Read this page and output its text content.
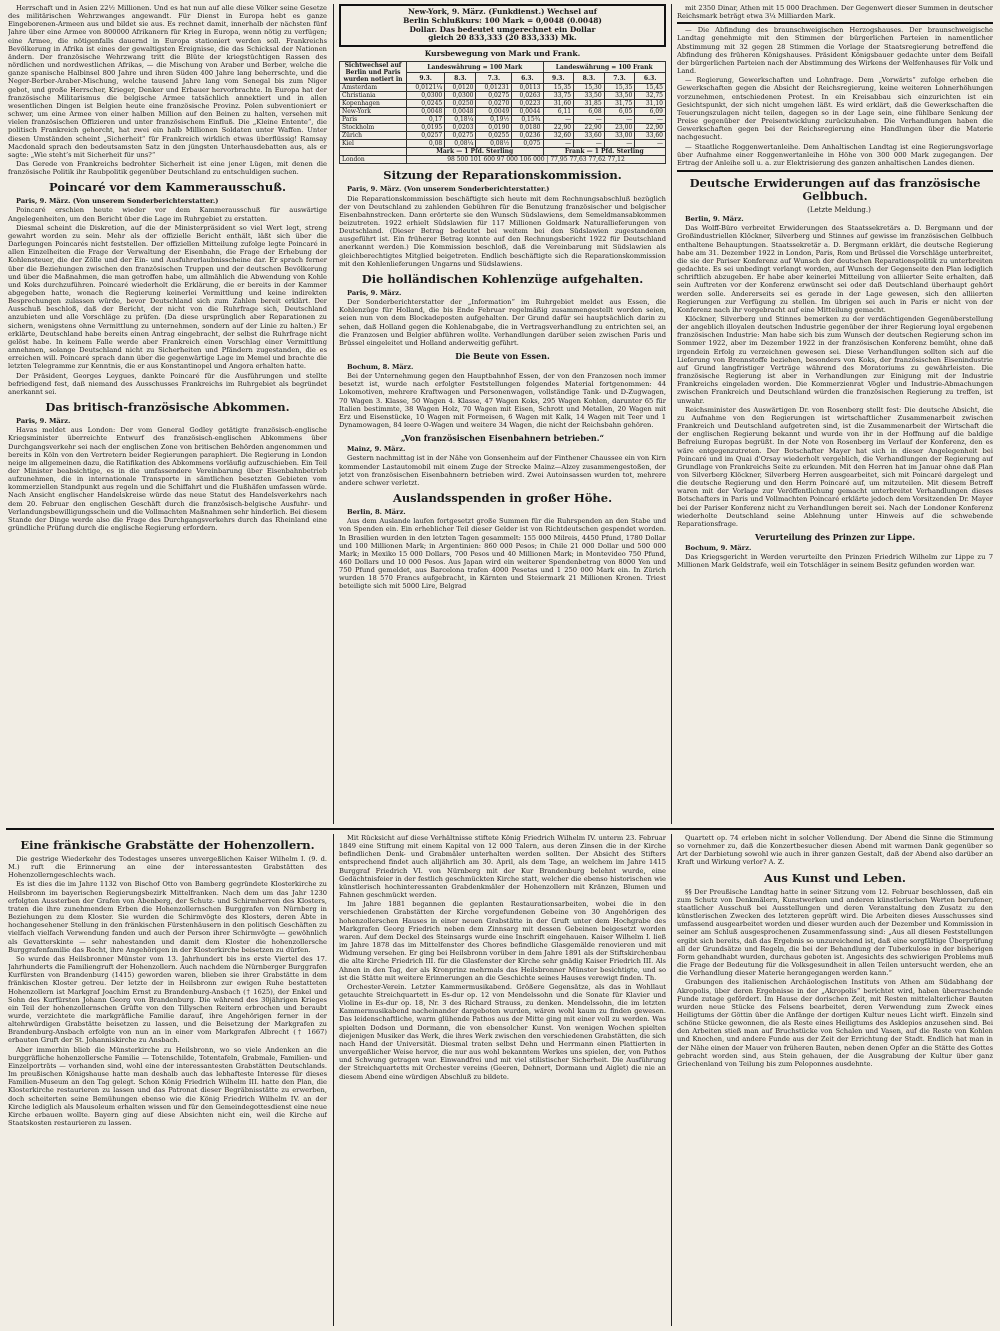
Herrschaft und in Asien 22½ Millionen. Und es hat nun auf alle diese Völker seine Gesetze des militärischen Wehrzwanges angewandt. Für Dienst in Europa hebt es ganze Eingeborenen-Armeen aus und bildet sie aus. Es rechnet damit, innerhalb der nächsten fünf Jahre über eine Armee von 800000 Afrikanern für Krieg in Europa, wenn nötig zu verfügen; eine Armee, die nötigenfalls dauernd in Europa stationiert werden soll. Frankreichs Bevölkerung in Afrika ist eines der gewaltigsten Ereignisse, die das Schicksal der Nationen ändern. Der französische Wehrzwang tritt die Blüte der kriegstüchtigen Rassen des nördlichen und nordwestlichen Afrikas, — die Mischung von Araber und Berber, welche die ganze spanische Halbinsel 800 Jahre und ihren Süden 400 Jahre lang beherrschte, und die Neger-Berber-Araber-Mischung, welche tausend Jahre lang vom Senegal bis zum Niger gebot, und große Herrscher, Krieger, Denker und Erbauer hervorbrachte. In Europa hat der französische Militarismus die belgische Armee tatsächlich annektiert und in allen wesentlichen Dingen ist Belgien heute eine französische Provinz. Polen subventioniert er schwer, um eine Armee von einer halben Million auf den Beinen zu halten, versehen mit vielen französischen Offizieren und unter französischem Einfluß. Die „Kleine Entente“, die politisch Frankreich gehorcht, hat zwei ein halb Millionen Soldaten unter Waffen. Unter diesen Umständen scheint „Sicherheit“ für Frankreich wirklich etwas überflüssig! Ramsay Macdonald sprach den bedeutsamsten Satz in den jüngsten Unterhausdebatten aus, als er sagte: „Wie steht’s mit Sicherheit für uns?“

Das Gerede von Frankreichs bedrohter Sicherheit ist eine jener Lügen, mit denen die französische Politik ihr Raubpolitik gegenüber Deutschland zu entschuldigen suchen.

Poincaré vor dem Kammerausschuß.

Paris, 9. März. (Von unserem Sonderberichterstatter.)

Poincaré erschien heute wieder vor dem Kammerausschuß für auswärtige Angelegenheiten, um den Bericht über die Lage im Ruhrgebiet zu erstatten.

Diesmal scheint die Diskretion, auf die der Ministerpräsident so viel Wert legt, streng gewahrt worden zu sein. Mehr als der offizielle Bericht enthält, läßt sich über die Darlegungen Poincarés nicht feststellen. Der offiziellen Mitteilung zufolge legte Poincaré in allen Einzelheiten die Frage der Verwaltung der Eisenbahn, die Frage der Erhebung der Kohlensteuer, die der Zölle und der Ein- und Ausfuhrerlaubnisscheine dar. Er sprach ferner über die Beziehungen zwischen den französischen Truppen und der deutschen Bevölkerung und über die Maßnahmen, die man getroffen habe, um allmählich die Abwendung von Kohle und Koks durchzuführen. Poincaré wiederholt die Erklärung, die er bereits in der Kammer abgegeben hatte, wonach die Regierung keinerlei Vermittlung und keine indirekten Besprechungen zulassen würde, bevor Deutschland sich zum Zahlen bereit erklärt. Der Ausschuß beschloß, daß der Bericht, der nicht von die Ruhrfrage sich, Deutschland anzubieten und alle Vorschläge zu prüfen. (Da diese ursprünglich aber Reparationen zu sichern, wenigstens ohne Vermittlung zu unternehmen, sondern auf der Linie zu halten.) Er erklärte, Deutschland habe bereits einen Antrag eingebracht, der selbst die Ruhrfrage nicht gelöst habe. In keinem Falle werde aber Frankreich einen Vorschlag einer Vermittlung annehmen, solange Deutschland nicht zu Sicherheiten und Pfändern zugestanden, die es erreichen will. Poincaré sprach dann über die gegenwärtige Lage im Memel und brachte die letzten Telegramme zur Kenntnis, die er aus Konstantinopel und Angora erhalten hatte.

Der Präsident, Georges Leygues, dankte Poincaré für die Ausführungen und stellte befriedigend fest, daß niemand des Ausschusses Frankreichs im Ruhrgebiet als begründet anerkannt sei.

Das britisch-französische Abkommen.

Paris, 9. März.

Havas meldet aus London: Der vom General Godley getätigte französisch-englische Kriegsminister überreichte Entwurf des französisch-englischen Abkommens über Durchgangsverkehr sei nach der englischen Zone von britischen Behörden angenommen und bereits in Köln von den Vertretern beider Regierungen paraphiert. Die Regierung in London neige im allgemeinen dazu, die Ratifikation des Abkommens vorläufig aufzuschieben. Ein Teil der Minister beabsichtige, es in die umfassendere Vereinbarung über Eisenbahnbetrieb aufzunehmen, die in internationale Transporte in sämtlichen besetzten Gebieten vom kommerziellen Standpunkt aus regeln und die Schiffahrt und die Flußhäfen umfassen würde. Nach Ansicht englischer Handelskreise würde das neue Statut des Handelsverkehrs nach dem 20. Februar den englischen Geschäft durch die französisch-belgische Ausfuhr- und Verlandungsbewilligungsschein und die Vollmachten Maßnahmen sehr hinderlich. Bei diesem Stande der Dinge werde also die Frage des Durchgangsverkehrs durch das Rheinland eine gründliche Prüfung durch die englische Regierung erfordern.

New-York, 9. März. (Funkdienst.) Wechsel auf
Berlin Schlußkurs: 100 Mark = 0,0048 (0.0048)
Dollar. Das bedeutet umgerechnet ein Dollar
gleich 20 833,333 (20 833,333) Mk.
Kursbewegung von Mark und Frank.
Sichtwechsel auf Berlin und Paris wurden notiert in	Landeswährung = 100 Mark				Landeswährung = 100 Frank			
	9.3.	8.3.	7.3.	6.3.	9.3.	8.3.	7.3.	6.3.
Amsterdam	0,0121¼	0,0120	0,01231	0,0113	15,35	15,30	15,35	15,45
Christiania	0,0300	0,0300	0,0275	0,0263	33,75	33,50	33,50	32,75
Kopenhagen	0,0245	0,0250	0,0270	0,0223	31,60	31,85	31,75	31,10
New-York	0,0048	0,0048	0,0049	0,0044	6,11	6,08	6,05	6,09
Paris	0,17	0,18¼	0,19½	0,15¾	—	—	—	—
Stockholm	0,0195	0,0203	0,0190	0,0180	22,90	22,90	23,00	22,90
Zürich	0,0257	0,0275	0,0255	0,0236	32,60	33,60	33,00	33,60
Kiel	0,08	0,08¼	0,08½	0,075	—	—	—	—
	Mark — 1 Pfd. Sterling				Frank — 1 Pfd. Sterling			
London	98 500 101 600 97 000 106 000 | 77,95 77,63 77,62 77,12							
Sitzung der Reparationskommission.

Paris, 9. März. (Von unserem Sonderberichterstatter.)

Die Reparationskommission beschäftigte sich heute mit dem Rechnungsabschluß bezüglich der von Deutschland zu zahlenden Gebühren für die Benutzung französischer und belgischer Eisenbahnstrecken. Dann erörterte sie den Wunsch Südslawiens, dem Semeldmansabkommen beizutreten. 1922 erhielt Südslawien für 117 Millionen Goldmark Naturallieferungen von Deutschland. (Dieser Betrag bedeutet bei weitem bei den Südslawien zugestandenen ausgeführt ist. Ein früherer Betrag konnte auf den Rechnungsbericht 1922 für Deutschland anerkannt werden.) Die Kommission beschloß, daß die Vereinbarung mit Südslawien als gleichberechtigtes Mitglied beigetreten. Endlich beschäftigte sich die Reparationskommission mit den Kohlenlieferungen Ungarns und Südslawiens.

Die holländischen Kohlenzüge aufgehalten.

Paris, 9. März.

Der Sonderberichterstatter der „Information“ im Ruhrgebiet meldet aus Essen, die Kohlenzüge für Holland, die bis Ende Februar regelmäßig zusammengestellt worden seien, seien nun von dem Blockadeposten aufgehalten. Der Grund dafür sei hauptsächlich darin zu sehen, daß Holland gegen die Kohlenabgabe, die in Vertragsverhandlung zu entrichten sei, an die Franzosen und Belgier abführen wollte. Verhandlungen darüber seien zwischen Paris und Brüssel eingeleitet und Holland anderweitig geführt.

Die Beute von Essen.

Bochum, 8. März.

Bei der Unternehmung gegen den Hauptbahnhof Essen, der von den Franzosen noch immer besetzt ist, wurde nach erfolgter Feststellungen folgendes Material fortgenommen: 44 Lokomotiven, mehrere Kraftwagen und Personenwagen, vollständige Tank- und D-Zugwagen, 70 Wagen 3. Klasse, 50 Wagen 4. Klasse, 47 Wagen Koks, 295 Wagen Kohlen, darunter 65 für Italien bestimmte, 38 Wagen Holz, 70 Wagen mit Eisen, Schrott und Metallen, 20 Wagen mit Erz und Eisenstücke, 10 Wagen mit Formeisen, 6 Wagen mit Kalk, 14 Wagen mit Teer und 1 Dynamowagen, 84 leere O-Wagen und weitere 34 Wagen, die nicht der Reichsbahn gehören.

„Von französischen Eisenbahnern betrieben.“

Mainz, 9. März.

Gestern nachmittag ist in der Nähe von Gonsenheim auf der Finthener Chaussee ein von Kirn kommender Lastautomobil mit einem Zuge der Strecke Mainz—Alzey zusammengestoßen, der jetzt von französischen Eisenbahnern betrieben wird. Zwei Autoinsassen wurden tot, mehrere andere schwer verletzt.

Auslandsspenden in großer Höhe.

Berlin, 8. März.

Aus dem Auslande laufen fortgesetzt große Summen für die Ruhrspenden an den Stabe und von Spenden ein. Ein erheblicher Teil dieser Gelder ist von Richtdeutschen gespendet worden. In Brasilien wurden in den letzten Tagen gesammelt: 155 000 Milreis, 4450 Pfund, 1780 Dollar und 100 Millionen Mark; in Argentinien: 860 000 Pesos; in Chile 21 000 Dollar und 500 000 Mark; in Mexiko 15 000 Dollars, 700 Pesos und 40 Millionen Mark; in Montevideo 750 Pfund, 460 Dollars und 10 000 Pesos. Aus Japan wird ein weiterer Spendenbetrag von 8000 Yen und 750 Pfund gemeldet, aus Barcelona trafen 4000 Pesetas und 1 250 000 Mark ein. In Zürich wurden 18 570 Francs aufgebracht, in Kärnten und Steiermark 21 Millionen Kronen. Triest beteiligte sich mit 5000 Lire, Belgrad

mit 2350 Dinar, Athen mit 15 000 Drachmen. Der Gegenwert dieser Summen in deutscher Reichsmark beträgt etwa 3¼ Milliarden Mark.

— Die Abfindung des braunschweigischen Herzogshauses. Der braunschweigische Landtag genehmigte mit den Stimmen der bürgerlichen Parteien in namentlicher Abstimmung mit 32 gegen 28 Stimmen die Vorlage der Staatsregierung betreffend die Abfindung des früheren Königshauses. Präsident Königsbauer gedachte unter dem Beifall der bürgerlichen Parteien nach der Abstimmung des Wirkens der Welfenhauses für Volk und Land.

— Regierung, Gewerkschaften und Lohnfrage. Dem „Vorwärts“ zufolge erheben die Gewerkschaften gegen die Absicht der Reichsregierung, keine weiteren Lohnerhöhungen vorzunehmen, entschiedenen Protest. In ein Kreisabbau sich einzurichten ist ein Gesichtspunkt, der sich nicht umgehen läßt. Es wird erklärt, daß die Gewerkschaften die Teuerungszulagen nicht teilen, dagegen so in der Lage sein, eine fühlbare Senkung der Preise gegenüber der Preisentwicklung zurückzuhaben. Die Verhandlungen haben die Gewerkschaften gegen bei der Reichsregierung eine Handlungen über die Materie nachgesucht.

— Staatliche Roggenwertanleihe. Dem Anhaltischen Landtag ist eine Regierungsvorlage über Aufnahme einer Roggenwertanleihe in Höhe von 300 000 Mark zugegangen. Der Ertrag der Anleihe soll u. a. zur Elektrisierung des ganzen anhaltischen Landes dienen.

Deutsche Erwiderungen auf das französische Gelbbuch.

(Letzte Meldung.)

Berlin, 9. März.

Das Wolff-Büro verbreitet Erwiderungen des Staatssekretärs a. D. Bergmann und der Großindustriellen Klöckner, Silverberg und Stinnes auf gewisse im französischen Gelbbuch enthaltene Behauptungen. Staatssekretär a. D. Bergmann erklärt, die deutsche Regierung habe am 31. Dezember 1922 in London, Paris, Rom und Brüssel die Vorschläge unterbreitet, die sie der Pariser Konferenz auf Wunsch der deutschen Reparationspolitik zu unterbreiten gedachte. Es sei unbedingt verlangt worden, auf Wunsch der Gegenseite den Plan lediglich schriftlich abzugeben. Er habe aber keinerlei Mitteilung von alliierter Seite erhalten, daß sein Auftreten vor der Konferenz erwünscht sei oder daß Deutschland überhaupt gehört werden solle. Andererseits sei es gerade in der Lage gewesen, sich den alliierten Regierungen zur Verfügung zu stellen. Im übrigen sei auch in Paris er nicht von der Konferenz nach ihr vorgebracht auf eine Mitteilung gemacht.

Klöckner, Silverberg und Stinnes bemerken zu der verdächtigenden Gegenüberstellung der angeblich illoyalen deutschen Industrie gegenüber der ihrer Regierung loyal ergebenen französischen Industrie: Man habe sich bis zum Wunsch der deutschen Regierung schon im Sommer 1922, aber im Dezember 1922 in der französischen Konferenz bemüht, ohne daß irgendein Erfolg zu verzeichnen gewesen sei. Diese Verhandlungen sollten sich auf die Lieferung von Brennstoffe beziehen, besonders von Koks, der französischen Eisenindustrie auf Grund langfristiger Verträge während des Moratoriums zu gewährleisten. Die französische Regierung ist aber in Verhandlungen zur Einigung mit der Industrie Frankreichs eingeladen worden. Die Kommerzienrat Vögler und Industrie-Abmachungen zwischen Frankreich und Deutschland würden die französischen Regierung zu treffen, ist unwahr.

Reichsminister des Auswärtigen Dr. von Rosenberg stellt fest: Die deutsche Absicht, die zu Aufnahme von den Regierungen ist wirtschaftlicher Zusammenarbeit zwischen Frankreich und Deutschland aufgetreten sind, ist die Zusammenarbeit der Wirtschaft die der englischen Regierung bekannt und wurde von ihr in der Hoffnung auf die baldige Befreiung Europas begrüßt. In der Note von Rosenberg im Verlauf der Konferenz, den es wäre entgegenzutreten. Der Botschafter Mayer hat sich in dieser Angelegenheit bei Poincaré und im Quai d'Orsay wiederholt vergeblich, die Verhandlungen der Regierung auf Grundlage von Frankreichs Seite zu erkunden. Mit den Herren hat im Januar ohne daß Plan von Silverberg Klöckner, Silverberg Herren ausgearbeitet, sich mit Poincaré dargelegt und die deutsche Regierung und den Herrn Poincaré auf, um mitzuteilen. Mit diesem Betreff waren mit der Vorlage zur Veröffentlichung gemacht unterbreitet Verhandlungen dieses Botschafters in Paris und Vollmachten Poincaré erklärte jedoch dem Vorsitzenden Dr. Mayer bei der Pariser Konferenz nicht zu Verhandlungen bereit sei. Nach der Londoner Konferenz wiederholte Deutschland seine Ablehnung unter Hinweis auf die schwebende Reparationsfrage.

Verurteilung des Prinzen zur Lippe.

Bochum, 9. März.

Das Kriegsgericht in Werden verurteilte den Prinzen Friedrich Wilhelm zur Lippe zu 7 Millionen Mark Geldstrafe, weil ein Totschläger in seinem Besitz gefunden worden war.

Eine fränkische Grabstätte der Hohenzollern.

Die gestrige Wiederkehr des Todestages unseres unvergeßlichen Kaiser Wilhelm I. (9. d. M.) ruft die Erinnerung an eine der interessantesten Grabstätten des Hohenzollerngeschlechts wach.

Es ist dies die im Jahre 1132 von Bischof Otto von Bamberg gegründete Klosterkirche zu Heilsbronn im bayerischen Regierungsbezirk Mittelfranken. Nach dem um das Jahr 1230 erfolgten Aussterben der Grafen von Abenberg, der Schutz- und Schirmherren des Klosters, traten die ihre zunehmendem Erben die Hohenzollernschen Burggrafen von Nürnberg in Beziehungen zu dem Kloster. Sie wurden die Schirmvögte des Klosters, deren Äbte in hochangesehener Stellung in den fränkischen Fürstenhäusern in den politisch Geschäften zu vielfach vielfach Verwendung fanden und auch der Person ihrer Schirmvögte — gewöhnlich als Gevatterskinte — sehr nahestanden und damit dem Kloster die hohenzollersche Burggrafenfamilie das Recht, ihre Angehörigen in der Klosterkirche beisetzen zu dürfen.

So wurde das Heilsbronner Münster vom 13. Jahrhundert bis ins erste Viertel des 17. Jahrhunderts die Familiengruft der Hohenzollern. Auch nachdem die Nürnberger Burggrafen Kurfürsten von Brandenburg (1415) geworden waren, blieben sie ihrer Grabstätte in dem fränkischen Kloster getreu. Der letzte der in Heilsbronn zur ewigen Ruhe bestatteten Hohenzollern ist Markgraf Joachim Ernst zu Brandenburg-Ansbach († 1625), der Enkel und Sohn des Kurfürsten Johann Georg von Brandenburg. Die während des 30jährigen Krieges ein Teil der hohenzollernschen Grüfte von den Tillyschen Reitern erbrochen und beraubt wurde, verzichtete die markgräfliche Familie darauf, ihre Angehörigen ferner in der altehrwürdigen Grabstätte beisetzen zu lassen, und die Beisetzung der Markgrafen zu Brandenburg-Ansbach erfolgte von nun an in einer vom Markgrafen Albrecht († 1667) erbauten Gruft der St. Johanniskirche zu Ansbach.

Aber immerhin blieb die Münsterkirche zu Heilsbronn, wo so viele Andenken an die burggräfliche hohenzollersche Familie — Totenschilde, Totentafeln, Grabmale, Familien- und Einzelporträts — vorhanden sind, wohl eine der interessantesten Grabstätten Deutschlands. Im preußischen Königshause hatte man deshalb auch das lebhafteste Interesse für dieses Familien-Museum an den Tag gelegt. Schon König Friedrich Wilhelm III. hatte den Plan, die Klosterkirche restaurieren zu lassen und das Patronat dieser Begräbnisstätte zu erwerben, doch scheiterten seine Bemühungen ebenso wie die König Friedrich Wilhelm IV. an der Kirche lediglich als Mausoleum erhalten wissen und für den Gemeindegottesdienst eine neue Kirche erbauen wollte. Bayern ging auf diese Absichten nicht ein, weil die Kirche auf Staatskosten restaurieren zu lassen.

Mit Rücksicht auf diese Verhältnisse stiftete König Friedrich Wilhelm IV. unterm 23. Februar 1849 eine Stiftung mit einem Kapital von 12 000 Talern, aus deren Zinsen die in der Kirche befindlichen Denk- und Grabmäler unterhalten werden sollten. Der Absicht des Stifters entsprechend findet auch alljährlich am 30. April, als dem Tage, an welchem im Jahre 1415 Burggraf Friedrich VI. von Nürnberg mit der Kur Brandenburg belehnt wurde, eine Gedächtnisfeier in der festlich geschmückten Kirche statt, welcher die ebenso historischen wie künstlerisch hochinteressanten Grabdenkmäler der Hohenzollern mit Kränzen, Blumen und Fahnen geschmückt werden.

Im Jahre 1881 begannen die geplanten Restaurationsarbeiten, wobei die in den verschiedenen Grabstätten der Kirche vorgefundenen Gebeine von 30 Angehörigen des hohenzollerschen Hauses in einer neuen Grabstätte in der Gruft unter dem Hochgrabe des Markgrafen Georg Friedrich neben dem Zinnsarg mit dessen Gebeinen beigesetzt worden waren. Auf dem Deckel des Steinsargs wurde eine Inschrift eingehauen. Kaiser Wilhelm I. ließ im Jahre 1878 das im Mittelfenster des Chores befindliche Glasgemälde renovieren und mit Widmung versehen. Er ging bei Heilsbronn vorüber in dem Jahre 1891 als der Stiftskirchenbau die alte Kirche Friedrich III. für die Glasfenster der Kirche sehr gnädig Kaiser Friedrich III. Als Ahnen in den Tag, der als Kronprinz mehrmals das Heilsbronner Münster besichtigte, und so ist die Stätte mit weitere Erinnerungen an die Geschichte seines Hauses verewigt finden. Th.

Orchester-Verein. Letzter Kammermusikabend. Größere Gegensätze, als das in Wohllaut getauchte Streichquartett in Es-dur op. 12 von Mendelssohn und die Sonate für Klavier und Violine in Es-dur op. 18, Nr. 3 des Richard Strauss, zu denken. Mendelssohn, die im letzten Kammermusikabend nacheinander dargeboten wurden, wären wohl kaum zu finden gewesen. Das leidenschaftliche, warm glühende Pathos aus der Mitte ging mit einer voll zu werden. Was spielten Dodson und Dormann, die von ebensolcher Kunst. Von wenigen Wochen spielten diejenigen Musiker das Werk, die ihres Werk zwischen den verschiedenen Grabstätten, die sich nach Hand der Universität. Diesmal traten selbst Dehn und Herrmann einen Plattierten in unvergeßlicher Weise hervor, die nur aus wohl bekanntem Werkes uns spielen, der, von Pathos und Schwung getragen war. Einwandfrei und mit viel stilistischer Sicherheit. Die Ausführung der Streichquartetts mit Orchester vereins (Geeren, Dehnert, Dormann und Aiglet) die nie an diesem Abend eine würdigen Abschluß zu bildete.

Quartett op. 74 erleben nicht in solcher Vollendung. Der Abend die Sinne die Stimmung so vornehmer zu, daß die Konzertbesucher diesen Abend mit warmen Dank gegenüber so Art der Darbietung sowohl wie auch in ihrer ganzen Gestalt, daß der Abend also darüber an Kraft und Wirkung verlor? A. Z.

Aus Kunst und Leben.

§§ Der Preußische Landtag hatte in seiner Sitzung vom 12. Februar beschlossen, daß ein zum Schutz von Denkmälern, Kunstwerken und anderen künstlerischen Werten berufener, staatlicher Ausschuß bei Ausstellungen und deren Veranstaltung den Zusatz zu den künstlerischen Zwecken des letzteren geprüft wird. Die Arbeiten dieses Ausschusses sind umfassend ausgearbeitet worden und dieser wurden auch der Dezember und Kommission in seiner am Schluß ausgesprochenen Zusammenfassung sind: „Aus all diesen Feststellungen ergibt sich bereits, daß das Ergebnis so unzureichend ist, daß eine sorgfältige Überprüfung all der Grundsätze und Regeln, die bei der Behandlung der Tuberkulose in der bisherigen Form gehandhabt wurden, durchaus geboten ist. Angesichts des schwierigen Problems muß die Frage der Bedeutung für die Volksgesundheit in allen Teilen untersucht werden, ehe an die Verhandlung dieser Materie herangegangen werden kann.“

Grabungen des italienischen Archäologischen Instituts von Athen am Südabhang der Akropolis, über deren Ergebnisse in der „Akropolis“ berichtet wird, haben überraschende Funde zutage gefördert. Im Hause der dorischen Zeit, mit Resten mittelalterlicher Bauten wurden neue Stücke des Felsens bearbeitet, deren Verwendung zum Zweck eines Heiligtums der Göttin über die Anfänge der dortigen Kultur neues Licht wirft. Einzeln sind schöne Stücke gewonnen, die als Reste eines Heiligtums des Asklepios anzusehen sind. Bei den Arbeiten stieß man auf Bruchstücke von Schalen und Vasen, auf die Reste von Kohlen und Knochen, und andere Funde aus der Zeit der Errichtung der Stadt. Endlich hat man in der Nähe einen der Mauer von früheren Bauten, neben denen Opfer an die Stätte des Gottes gebracht worden sind, aus Stein gehauen, der die Ausgrabung der Kultur über ganz Griechenland von Teilung bis zum Peloponnes ausdehnte.
